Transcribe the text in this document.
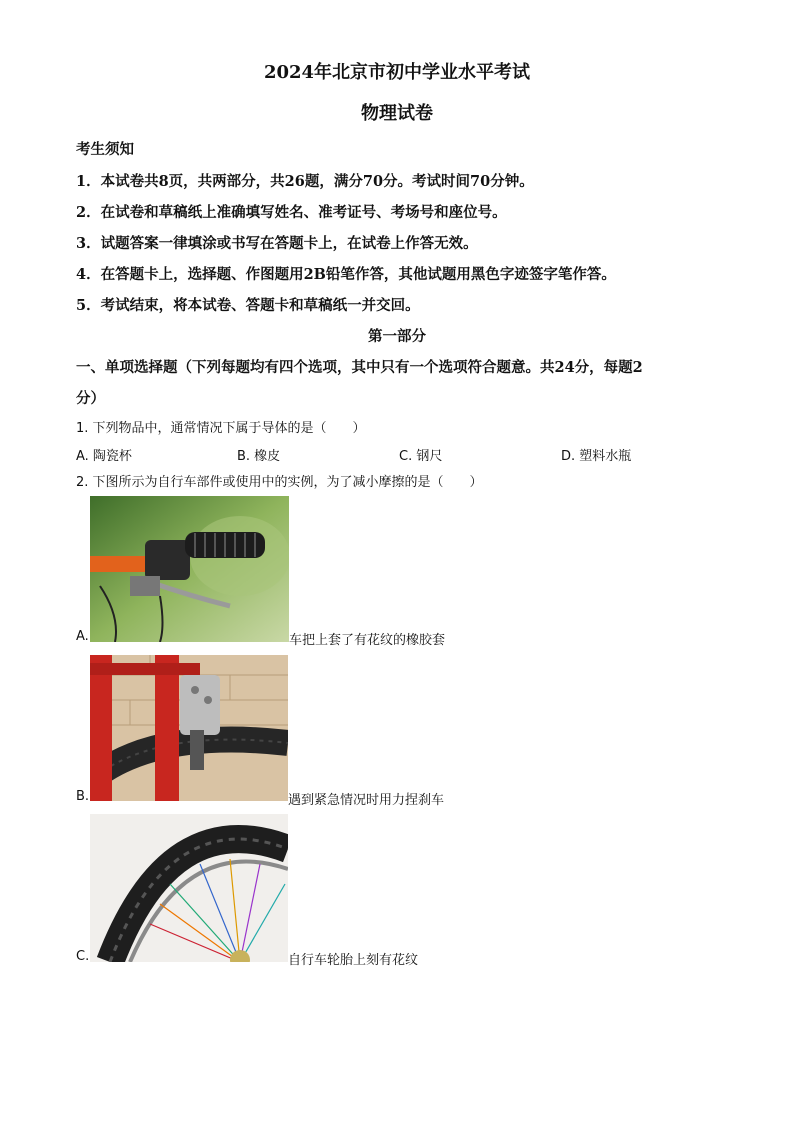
2024年北京市初中学业水平考试
物理试卷
考生须知
1．本试卷共8页，共两部分，共26题，满分70分。考试时间70分钟。
2．在试卷和草稿纸上准确填写姓名、准考证号、考场号和座位号。
3．试题答案一律填涂或书写在答题卡上，在试卷上作答无效。
4．在答题卡上，选择题、作图题用2B铅笔作答，其他试题用黑色字迹签字笔作答。
5．考试结束，将本试卷、答题卡和草稿纸一并交回。
第一部分
一、单项选择题（下列每题均有四个选项，其中只有一个选项符合题意。共24分，每题2
分）
1. 下列物品中，通常情况下属于导体的是（　　）
A. 陶瓷杯	B. 橡皮	C. 钢尺	D. 塑料水瓶
2. 下图所示为自行车部件或使用中的实例，为了减小摩擦的是（　　）
A.	车把上套了有花纹的橡胶套
B.	遇到紧急情况时用力捏刹车
C.	自行车轮胎上刻有花纹
